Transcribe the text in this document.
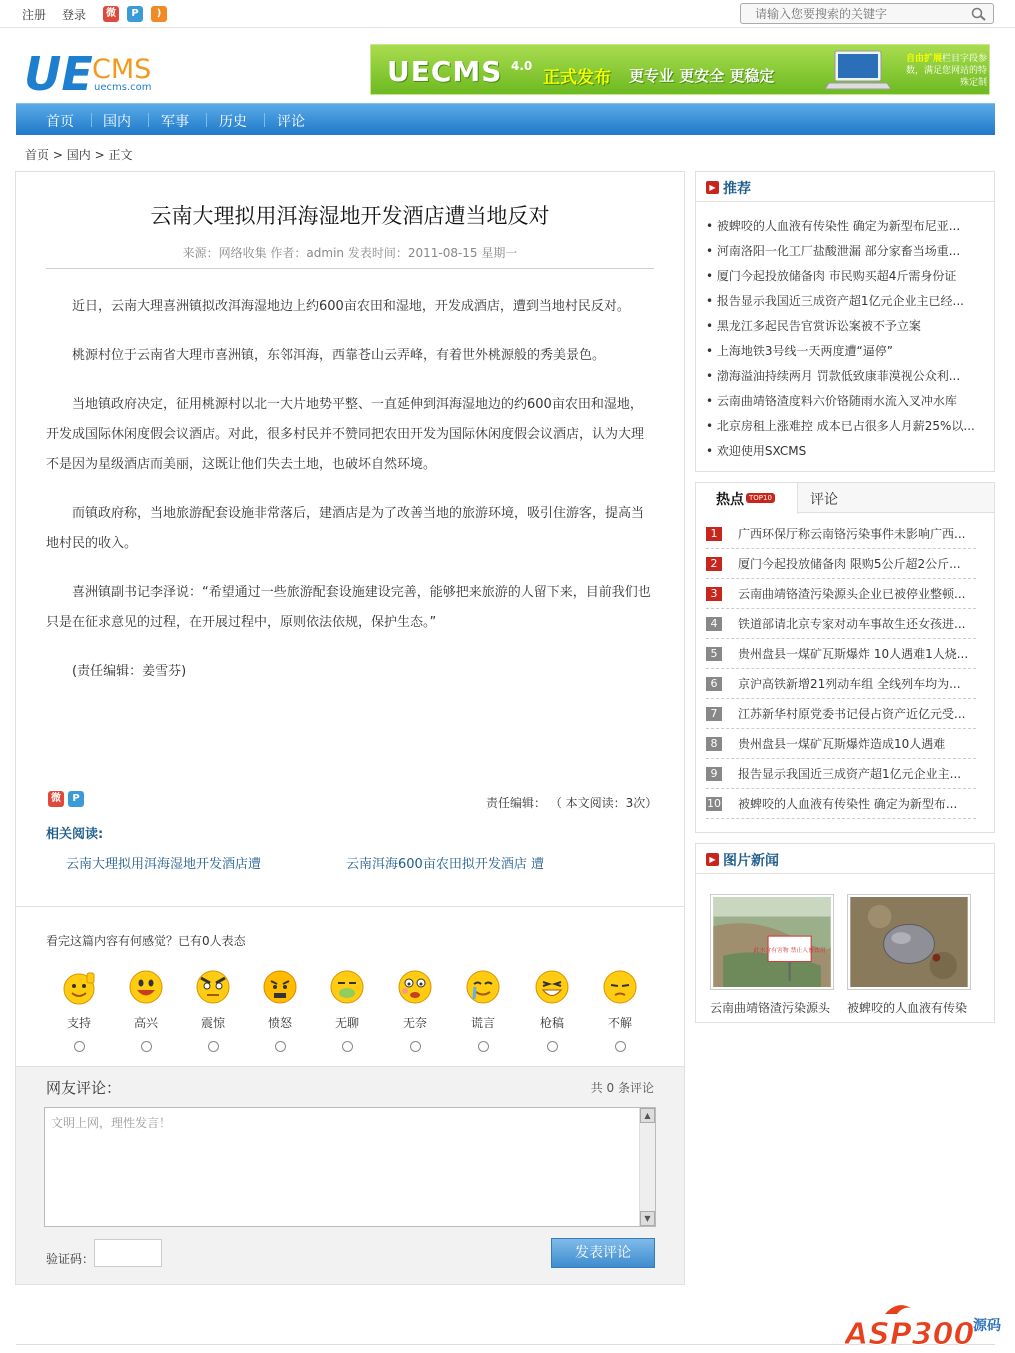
注册 登录	微	P	)
请输入您要搜索的关键字
UE CMS
uecms.com	UECMS 4.0
正式发布 更专业 更安全 更稳定
自由扩展栏目字段参数，满足您网站的特殊定制
首页 国内 军事 历史 评论
首页 > 国内 > 正文
云南大理拟用洱海湿地开发酒店遭当地反对
来源：网络收集 作者：admin 发表时间：2011-08-15 星期一

近日，云南大理喜洲镇拟改洱海湿地边上约600亩农田和湿地，开发成酒店，遭到当地村民反对。

桃源村位于云南省大理市喜洲镇，东邻洱海，西靠苍山云弄峰，有着世外桃源般的秀美景色。

当地镇政府决定，征用桃源村以北一大片地势平整、一直延伸到洱海湿地边的约600亩农田和湿地，开发成国际休闲度假会议酒店。对此，很多村民并不赞同把农田开发为国际休闲度假会议酒店，认为大理不是因为星级酒店而美丽，这既让他们失去土地，也破坏自然环境。

而镇政府称，当地旅游配套设施非常落后，建酒店是为了改善当地的旅游环境，吸引住游客，提高当地村民的收入。

喜洲镇副书记李泽说：“希望通过一些旅游配套设施建设完善，能够把来旅游的人留下来，目前我们也只是在征求意见的过程，在开展过程中，原则依法依规，保护生态。”

(责任编辑：姜雪芬)

微 P	责任编辑： （ 本文阅读：3次）
相关阅读:
云南大理拟用洱海湿地开发酒店遭	云南洱海600亩农田拟开发酒店 遭
看完这篇内容有何感觉？已有0人表态
支持	高兴	震惊	愤怒	无聊	无奈	谎言	枪稿	不解
网友评论：	共 0 条评论
文明上网，理性发言！
▲
▼
验证码：	发表评论
▶ 推荐
• 被蜱咬的人血液有传染性 确定为新型布尼亚...
• 河南洛阳一化工厂盐酸泄漏 部分家畜当场重...
• 厦门今起投放储备肉 市民购买超4斤需身份证
• 报告显示我国近三成资产超1亿元企业主已经...
• 黑龙江多起民告官赏诉讼案被不予立案
• 上海地铁3号线一天两度遭“逼停”
• 渤海溢油持续两月 罚款低致康菲漠视公众利...
• 云南曲靖铬渣度料六价铬随雨水流入叉冲水库
• 北京房租上涨难控 成本已占很多人月薪25%以...
• 欢迎使用SXCMS
热点 TOP10	评论
1	广西环保厅称云南铬污染事件未影响广西...
2	厦门今起投放储备肉 限购5公斤超2公斤...
3	云南曲靖铬渣污染源头企业已被停业整顿...
4	铁道部请北京专家对动车事故生还女孩进...
5	贵州盘县一煤矿瓦斯爆炸 10人遇难1人烧...
6	京沪高铁新增21列动车组 全线列车均为...
7	江苏新华村原党委书记侵占资产近亿元受...
8	贵州盘县一煤矿瓦斯爆炸造成10人遇难
9	报告显示我国近三成资产超1亿元企业主...
10 被蜱咬的人血液有传染性 确定为新型布...
▶ 图片新闻
此水含有害物 禁止人畜饮用
云南曲靖铬渣污染源头	被蜱咬的人血液有传染
ASP300
源码
